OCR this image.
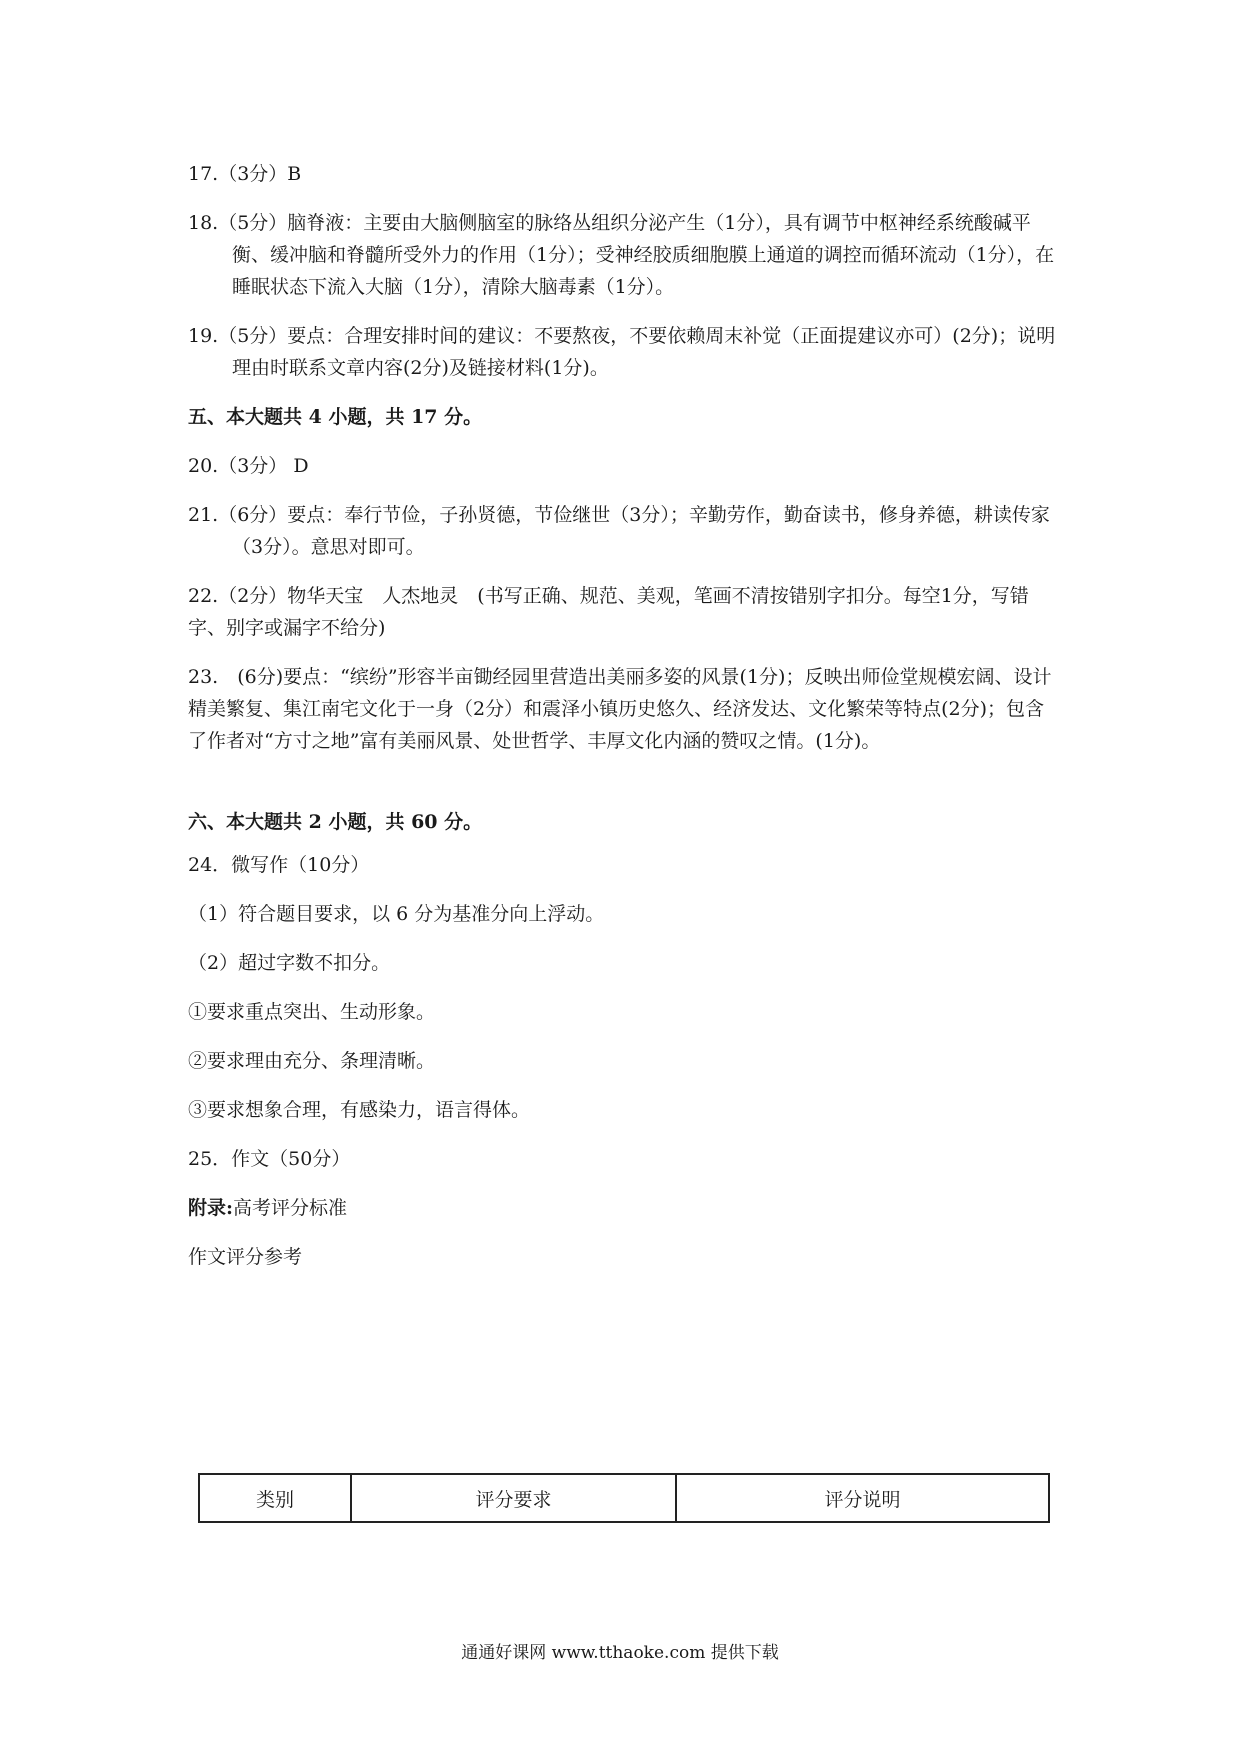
17.（3分）B

18.（5分）脑脊液：主要由大脑侧脑室的脉络丛组织分泌产生（1分），具有调节中枢神经系统酸碱平衡、缓冲脑和脊髓所受外力的作用（1分）；受神经胶质细胞膜上通道的调控而循环流动（1分），在睡眠状态下流入大脑（1分），清除大脑毒素（1分）。

19.（5分）要点：合理安排时间的建议：不要熬夜，不要依赖周末补觉（正面提建议亦可）(2分)；说明理由时联系文章内容(2分)及链接材料(1分)。

五、本大题共 4 小题，共 17 分。

20.（3分） D

21.（6分）要点：奉行节俭，子孙贤德，节俭继世（3分）；辛勤劳作，勤奋读书，修身养德，耕读传家（3分）。意思对即可。

22.（2分）物华天宝　人杰地灵　(书写正确、规范、美观，笔画不清按错别字扣分。每空1分，写错字、别字或漏字不给分)

23.　(6分)要点：“缤纷”形容半亩锄经园里营造出美丽多姿的风景(1分)；反映出师俭堂规模宏阔、设计精美繁复、集江南宅文化于一身（2分）和震泽小镇历史悠久、经济发达、文化繁荣等特点(2分)；包含了作者对“方寸之地”富有美丽风景、处世哲学、丰厚文化内涵的赞叹之情。(1分)。

六、本大题共 2 小题，共 60 分。

24．微写作（10分）

（1）符合题目要求，以 6 分为基准分向上浮动。

（2）超过字数不扣分。

①要求重点突出、生动形象。

②要求理由充分、条理清晰。

③要求想象合理，有感染力，语言得体。

25．作文（50分）

附录:高考评分标准

作文评分参考

类别	评分要求	评分说明
通通好课网 www.tthaoke.com 提供下载
